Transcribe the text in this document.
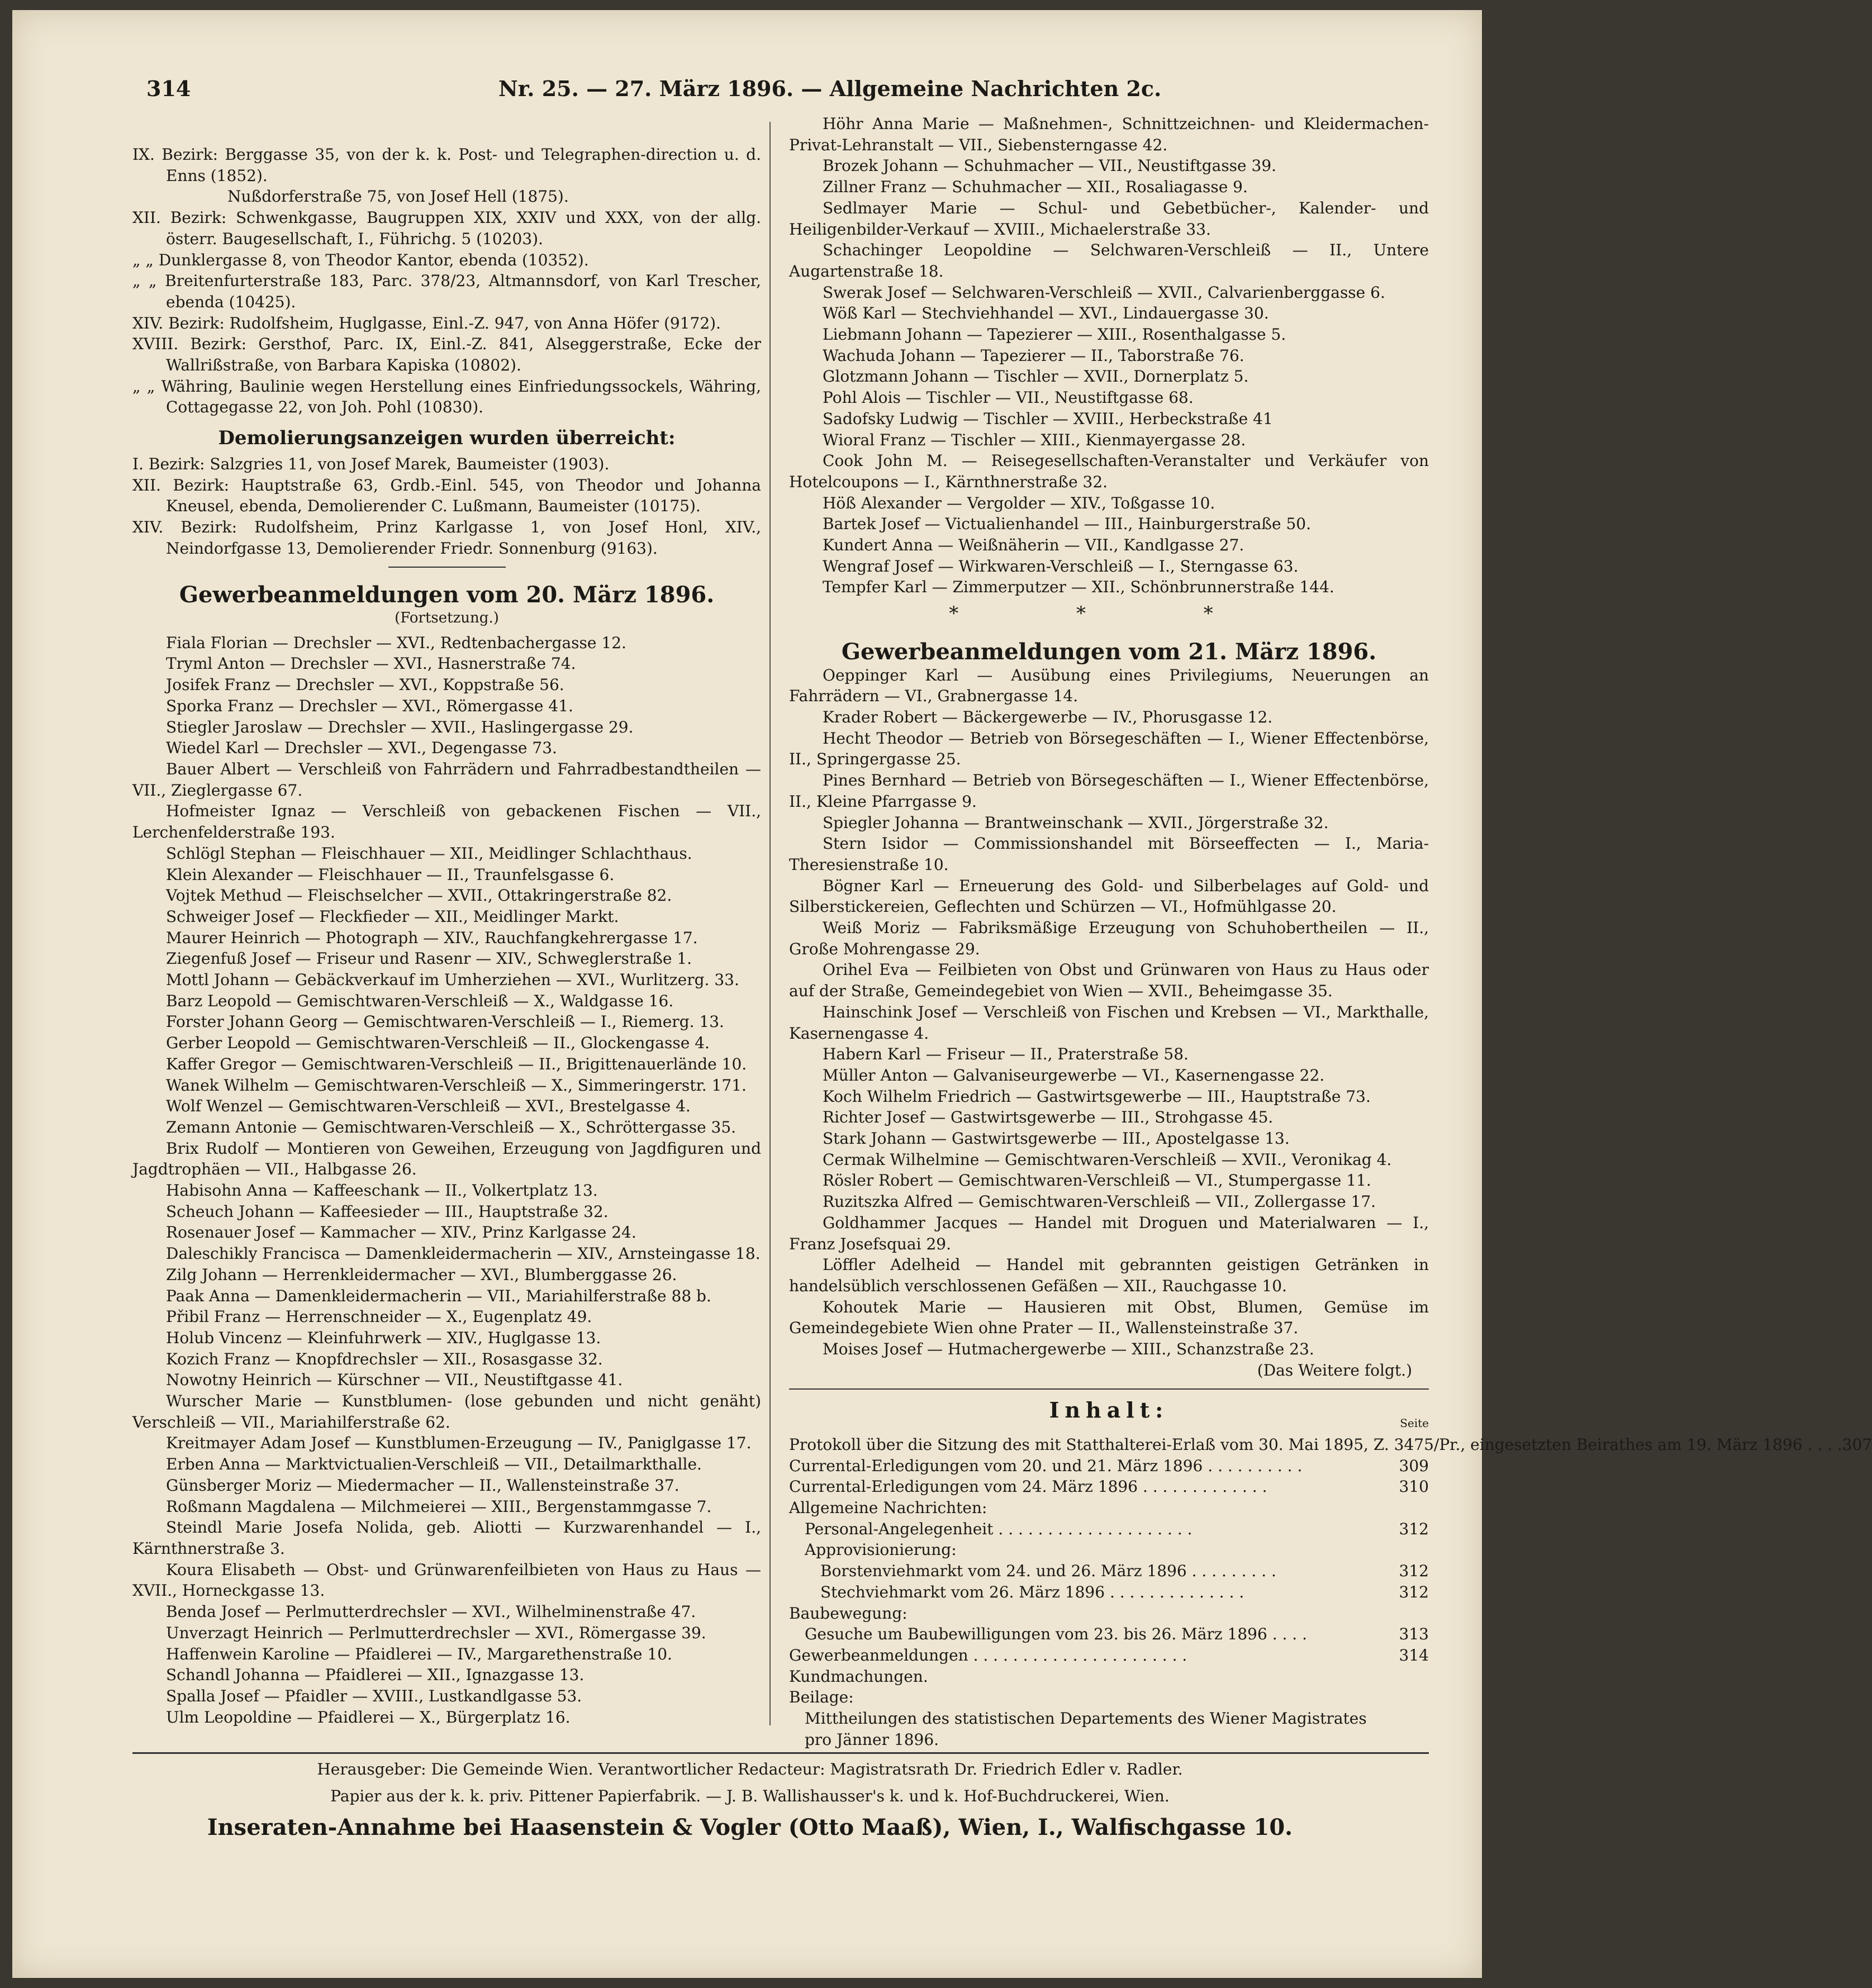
314	Nr. 25. — 27. März 1896. — Allgemeine Nachrichten 2c.
IX. Bezirk: Berggasse 35, von der k. k. Post- und Telegraphen-direction u. d. Enns (1852).
Nußdorferstraße 75, von Josef Hell (1875).
XII. Bezirk: Schwenkgasse, Baugruppen XIX, XXIV und XXX, von der allg. österr. Baugesellschaft, I., Führichg. 5 (10203).
„ „ Dunklergasse 8, von Theodor Kantor, ebenda (10352).
„ „ Breitenfurterstraße 183, Parc. 378/23, Altmannsdorf, von Karl Trescher, ebenda (10425).
XIV. Bezirk: Rudolfsheim, Huglgasse, Einl.-Z. 947, von Anna Höfer (9172).
XVIII. Bezirk: Gersthof, Parc. IX, Einl.-Z. 841, Alseggerstraße, Ecke der Wallrißstraße, von Barbara Kapiska (10802).
„ „ Währing, Baulinie wegen Herstellung eines Einfriedungssockels, Währing, Cottagegasse 22, von Joh. Pohl (10830).
Demolierungsanzeigen wurden überreicht:
I. Bezirk: Salzgries 11, von Josef Marek, Baumeister (1903).
XII. Bezirk: Hauptstraße 63, Grdb.-Einl. 545, von Theodor und Johanna Kneusel, ebenda, Demolierender C. Lußmann, Baumeister (10175).
XIV. Bezirk: Rudolfsheim, Prinz Karlgasse 1, von Josef Honl, XIV., Neindorfgasse 13, Demolierender Friedr. Sonnenburg (9163).
Gewerbeanmeldungen vom 20. März 1896.
(Fortsetzung.)
Fiala Florian — Drechsler — XVI., Redtenbachergasse 12.
Tryml Anton — Drechsler — XVI., Hasnerstraße 74.
Josifek Franz — Drechsler — XVI., Koppstraße 56.
Sporka Franz — Drechsler — XVI., Römergasse 41.
Stiegler Jaroslaw — Drechsler — XVII., Haslingergasse 29.
Wiedel Karl — Drechsler — XVI., Degengasse 73.
Bauer Albert — Verschleiß von Fahrrädern und Fahrradbestandtheilen — VII., Zieglergasse 67.
Hofmeister Ignaz — Verschleiß von gebackenen Fischen — VII., Lerchenfelderstraße 193.
Schlögl Stephan — Fleischhauer — XII., Meidlinger Schlachthaus.
Klein Alexander — Fleischhauer — II., Traunfelsgasse 6.
Vojtek Methud — Fleischselcher — XVII., Ottakringerstraße 82.
Schweiger Josef — Fleckfieder — XII., Meidlinger Markt.
Maurer Heinrich — Photograph — XIV., Rauchfangkehrergasse 17.
Ziegenfuß Josef — Friseur und Rasenr — XIV., Schweglerstraße 1.
Mottl Johann — Gebäckverkauf im Umherziehen — XVI., Wurlitzerg. 33.
Barz Leopold — Gemischtwaren-Verschleiß — X., Waldgasse 16.
Forster Johann Georg — Gemischtwaren-Verschleiß — I., Riemerg. 13.
Gerber Leopold — Gemischtwaren-Verschleiß — II., Glockengasse 4.
Kaffer Gregor — Gemischtwaren-Verschleiß — II., Brigittenauerlände 10.
Wanek Wilhelm — Gemischtwaren-Verschleiß — X., Simmeringerstr. 171.
Wolf Wenzel — Gemischtwaren-Verschleiß — XVI., Brestelgasse 4.
Zemann Antonie — Gemischtwaren-Verschleiß — X., Schröttergasse 35.
Brix Rudolf — Montieren von Geweihen, Erzeugung von Jagdfiguren und Jagdtrophäen — VII., Halbgasse 26.
Habisohn Anna — Kaffeeschank — II., Volkertplatz 13.
Scheuch Johann — Kaffeesieder — III., Hauptstraße 32.
Rosenauer Josef — Kammacher — XIV., Prinz Karlgasse 24.
Daleschikly Francisca — Damenkleidermacherin — XIV., Arnsteingasse 18.
Zilg Johann — Herrenkleidermacher — XVI., Blumberggasse 26.
Paak Anna — Damenkleidermacherin — VII., Mariahilferstraße 88 b.
Přibil Franz — Herrenschneider — X., Eugenplatz 49.
Holub Vincenz — Kleinfuhrwerk — XIV., Huglgasse 13.
Kozich Franz — Knopfdrechsler — XII., Rosasgasse 32.
Nowotny Heinrich — Kürschner — VII., Neustiftgasse 41.
Wurscher Marie — Kunstblumen- (lose gebunden und nicht genäht) Verschleiß — VII., Mariahilferstraße 62.
Kreitmayer Adam Josef — Kunstblumen-Erzeugung — IV., Paniglgasse 17.
Erben Anna — Marktvictualien-Verschleiß — VII., Detailmarkthalle.
Günsberger Moriz — Miedermacher — II., Wallensteinstraße 37.
Roßmann Magdalena — Milchmeierei — XIII., Bergenstammgasse 7.
Steindl Marie Josefa Nolida, geb. Aliotti — Kurzwarenhandel — I., Kärnthnerstraße 3.
Koura Elisabeth — Obst- und Grünwarenfeilbieten von Haus zu Haus — XVII., Horneckgasse 13.
Benda Josef — Perlmutterdrechsler — XVI., Wilhelminenstraße 47.
Unverzagt Heinrich — Perlmutterdrechsler — XVI., Römergasse 39.
Haffenwein Karoline — Pfaidlerei — IV., Margarethenstraße 10.
Schandl Johanna — Pfaidlerei — XII., Ignazgasse 13.
Spalla Josef — Pfaidler — XVIII., Lustkandlgasse 53.
Ulm Leopoldine — Pfaidlerei — X., Bürgerplatz 16.
Höhr Anna Marie — Maßnehmen-, Schnittzeichnen- und Kleidermachen-Privat-Lehranstalt — VII., Siebensterngasse 42.
Brozek Johann — Schuhmacher — VII., Neustiftgasse 39.
Zillner Franz — Schuhmacher — XII., Rosaliagasse 9.
Sedlmayer Marie — Schul- und Gebetbücher-, Kalender- und Heiligenbilder-Verkauf — XVIII., Michaelerstraße 33.
Schachinger Leopoldine — Selchwaren-Verschleiß — II., Untere Augartenstraße 18.
Swerak Josef — Selchwaren-Verschleiß — XVII., Calvarienberggasse 6.
Wöß Karl — Stechviehhandel — XVI., Lindauergasse 30.
Liebmann Johann — Tapezierer — XIII., Rosenthalgasse 5.
Wachuda Johann — Tapezierer — II., Taborstraße 76.
Glotzmann Johann — Tischler — XVII., Dornerplatz 5.
Pohl Alois — Tischler — VII., Neustiftgasse 68.
Sadofsky Ludwig — Tischler — XVIII., Herbeckstraße 41
Wioral Franz — Tischler — XIII., Kienmayergasse 28.
Cook John M. — Reisegesellschaften-Veranstalter und Verkäufer von Hotelcoupons — I., Kärnthnerstraße 32.
Höß Alexander — Vergolder — XIV., Toßgasse 10.
Bartek Josef — Victualienhandel — III., Hainburgerstraße 50.
Kundert Anna — Weißnäherin — VII., Kandlgasse 27.
Wengraf Josef — Wirkwaren-Verschleiß — I., Sterngasse 63.
Tempfer Karl — Zimmerputzer — XII., Schönbrunnerstraße 144.
* * *
Gewerbeanmeldungen vom 21. März 1896.
Oeppinger Karl — Ausübung eines Privilegiums, Neuerungen an Fahrrädern — VI., Grabnergasse 14.
Krader Robert — Bäckergewerbe — IV., Phorusgasse 12.
Hecht Theodor — Betrieb von Börsegeschäften — I., Wiener Effectenbörse, II., Springergasse 25.
Pines Bernhard — Betrieb von Börsegeschäften — I., Wiener Effectenbörse, II., Kleine Pfarrgasse 9.
Spiegler Johanna — Brantweinschank — XVII., Jörgerstraße 32.
Stern Isidor — Commissionshandel mit Börseeffecten — I., Maria-Theresienstraße 10.
Bögner Karl — Erneuerung des Gold- und Silberbelages auf Gold- und Silberstickereien, Geflechten und Schürzen — VI., Hofmühlgasse 20.
Weiß Moriz — Fabriksmäßige Erzeugung von Schuhobertheilen — II., Große Mohrengasse 29.
Orihel Eva — Feilbieten von Obst und Grünwaren von Haus zu Haus oder auf der Straße, Gemeindegebiet von Wien — XVII., Beheimgasse 35.
Hainschink Josef — Verschleiß von Fischen und Krebsen — VI., Markthalle, Kasernengasse 4.
Habern Karl — Friseur — II., Praterstraße 58.
Müller Anton — Galvaniseurgewerbe — VI., Kasernengasse 22.
Koch Wilhelm Friedrich — Gastwirtsgewerbe — III., Hauptstraße 73.
Richter Josef — Gastwirtsgewerbe — III., Strohgasse 45.
Stark Johann — Gastwirtsgewerbe — III., Apostelgasse 13.
Cermak Wilhelmine — Gemischtwaren-Verschleiß — XVII., Veronikag 4.
Rösler Robert — Gemischtwaren-Verschleiß — VI., Stumpergasse 11.
Ruzitszka Alfred — Gemischtwaren-Verschleiß — VII., Zollergasse 17.
Goldhammer Jacques — Handel mit Droguen und Materialwaren — I., Franz Josefsquai 29.
Löffler Adelheid — Handel mit gebrannten geistigen Getränken in handelsüblich verschlossenen Gefäßen — XII., Rauchgasse 10.
Kohoutek Marie — Hausieren mit Obst, Blumen, Gemüse im Gemeindegebiete Wien ohne Prater — II., Wallensteinstraße 37.
Moises Josef — Hutmachergewerbe — XIII., Schanzstraße 23.
(Das Weitere folgt.)
Inhalt:
Seite
Protokoll über die Sitzung des mit Statthalterei-Erlaß vom 30. Mai 1895, Z. 3475/Pr., eingesetzten Beirathes am 19. März 1896 . . . . 307
Currental-Erledigungen vom 20. und 21. März 1896 . . . . . . . . . .	309
Currental-Erledigungen vom 24. März 1896 . . . . . . . . . . . . .	310
Allgemeine Nachrichten:
Personal-Angelegenheit . . . . . . . . . . . . . . . . . . . .	312
Approvisionierung:
Borstenviehmarkt vom 24. und 26. März 1896 . . . . . . . . .	312
Stechviehmarkt vom 26. März 1896 . . . . . . . . . . . . . .	312
Baubewegung:
Gesuche um Baubewilligungen vom 23. bis 26. März 1896 . . . .	313
Gewerbeanmeldungen . . . . . . . . . . . . . . . . . . . . . .	314
Kundmachungen.
Beilage:
Mittheilungen des statistischen Departements des Wiener Magistrates pro Jänner 1896.
Herausgeber: Die Gemeinde Wien. Verantwortlicher Redacteur: Magistratsrath Dr. Friedrich Edler v. Radler.
Papier aus der k. k. priv. Pittener Papierfabrik. — J. B. Wallishausser's k. und k. Hof-Buchdruckerei, Wien.
Inseraten-Annahme bei Haasenstein & Vogler (Otto Maaß), Wien, I., Walfischgasse 10.
